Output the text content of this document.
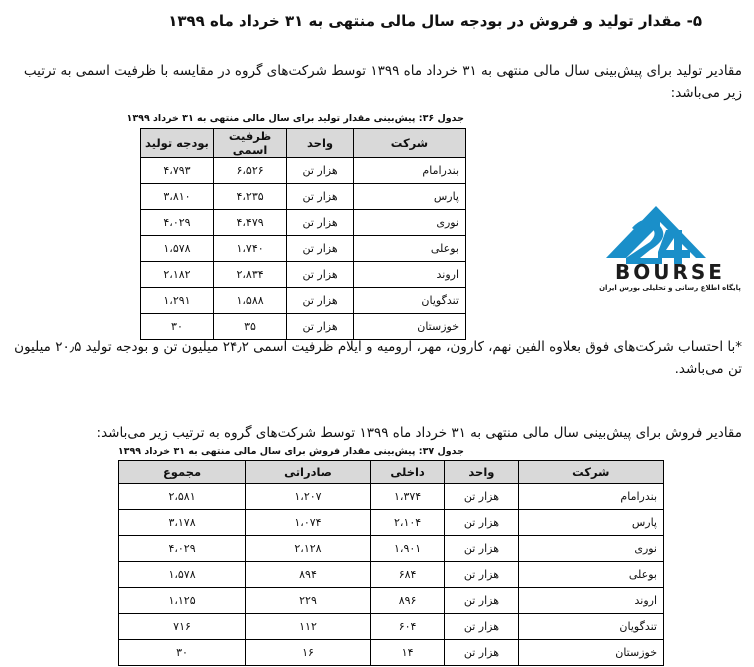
۵- مقدار تولید و فروش در بودجه سال مالی منتهی به ۳۱ خرداد ماه ۱۳۹۹
مقادیر تولید برای پیش‌بینی سال مالی منتهی به ۳۱ خرداد ماه ۱۳۹۹ توسط شرکت‌های گروه در مقایسه با ظرفیت اسمی به ترتیب زیر می‌باشد:
جدول ۳۶: پیش‌بینی مقدار تولید برای سال مالی منتهی به ۳۱ خرداد ۱۳۹۹
شرکت	واحد	ظرفیت اسمی	بودجه تولید
بندرامام	هزار تن	۶،۵۲۶	۴،۷۹۳
پارس	هزار تن	۴،۲۳۵	۳،۸۱۰
نوری	هزار تن	۴،۴۷۹	۴،۰۲۹
بوعلی	هزار تن	۱،۷۴۰	۱،۵۷۸
اروند	هزار تن	۲،۸۳۴	۲،۱۸۲
تندگویان	هزار تن	۱،۵۸۸	۱،۲۹۱
خوزستان	هزار تن	۳۵	۳۰
BOURSE
پایگاه اطلاع رسانی و تحلیلی بورس ایران
*با احتساب شرکت‌های فوق بعلاوه الفین نهم، کارون، مهر، ارومیه و ایلام ظرفیت اسمی ۲۴٫۲ میلیون تن و بودجه تولید ۲۰٫۵ میلیون تن می‌باشد.
مقادیر فروش برای پیش‌بینی سال مالی منتهی به ۳۱ خرداد ماه ۱۳۹۹ توسط شرکت‌های گروه به ترتیب زیر می‌باشد:
جدول ۳۷: پیش‌بینی مقدار فروش برای سال مالی منتهی به ۳۱ خرداد ۱۳۹۹
شرکت	واحد	داخلی	صادراتی	مجموع
بندرامام	هزار تن	۱،۳۷۴	۱،۲۰۷	۲،۵۸۱
پارس	هزار تن	۲،۱۰۴	۱،۰۷۴	۳،۱۷۸
نوری	هزار تن	۱،۹۰۱	۲،۱۲۸	۴،۰۲۹
بوعلی	هزار تن	۶۸۴	۸۹۴	۱،۵۷۸
اروند	هزار تن	۸۹۶	۲۲۹	۱،۱۲۵
تندگویان	هزار تن	۶۰۴	۱۱۲	۷۱۶
خوزستان	هزار تن	۱۴	۱۶	۳۰
